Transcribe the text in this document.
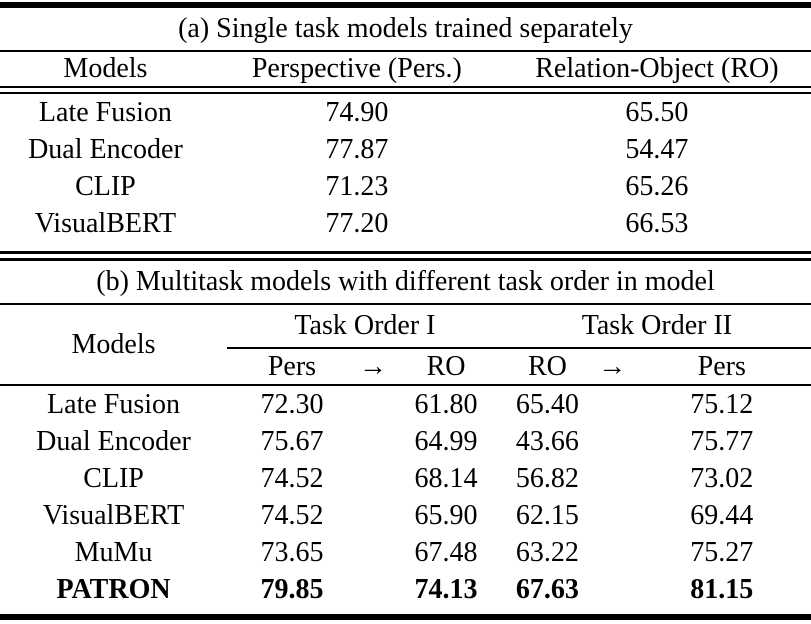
(a) Single task models trained separately
Models	Perspective (Pers.)	Relation-Object (RO)
Late Fusion	74.90	65.50
Dual Encoder	77.87	54.47
CLIP	71.23	65.26
VisualBERT	77.20	66.53
(b) Multitask models with different task order in model
Models	Task Order I			Task Order II		
	Pers	→	RO	RO	→	Pers
Late Fusion	72.30		61.80	65.40		75.12
Dual Encoder	75.67		64.99	43.66		75.77
CLIP	74.52		68.14	56.82		73.02
VisualBERT	74.52		65.90	62.15		69.44
MuMu	73.65		67.48	63.22		75.27
PATRON	79.85		74.13	67.63		81.15
